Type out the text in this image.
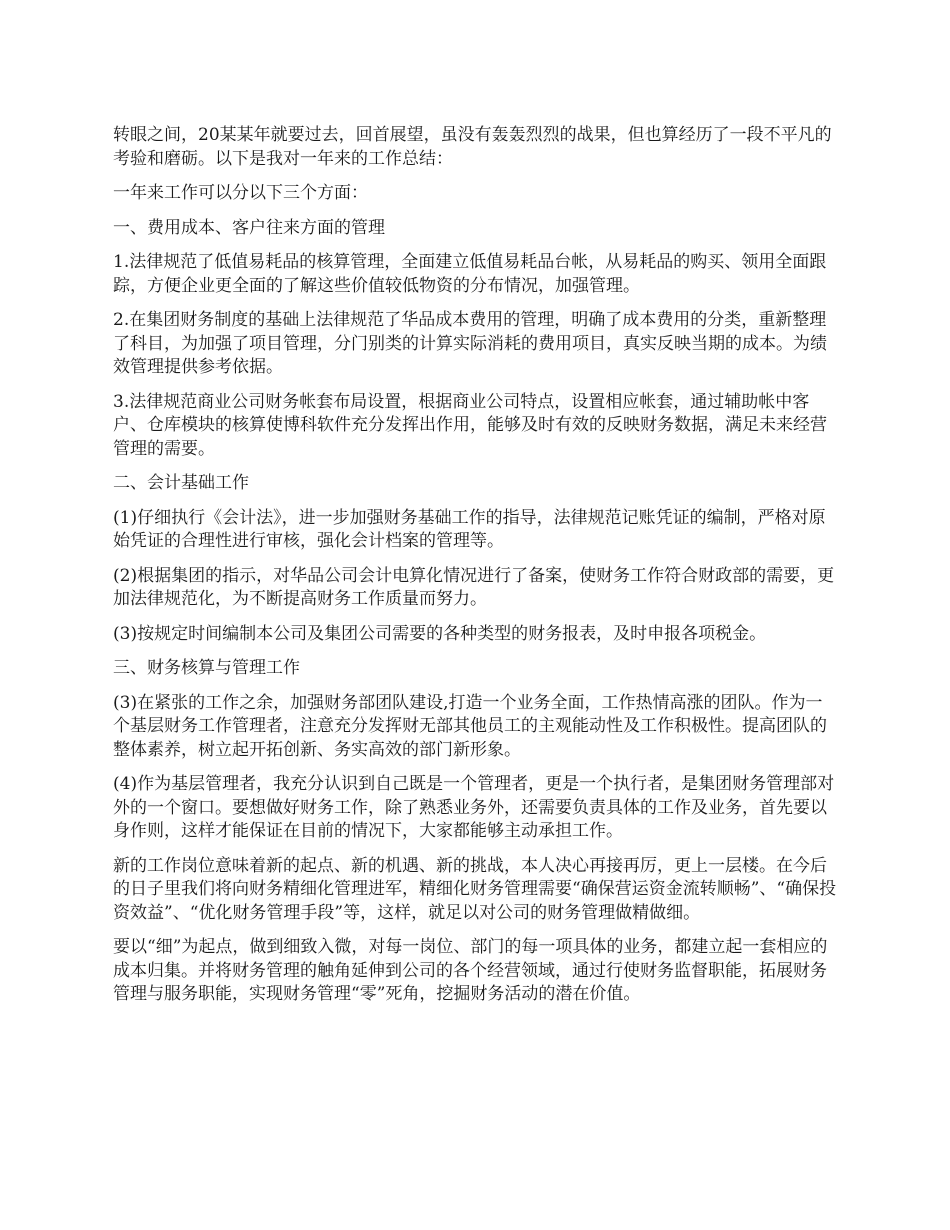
转眼之间，20某某年就要过去，回首展望，虽没有轰轰烈烈的战果，但也算经历了一段不平凡的考验和磨砺。以下是我对一年来的工作总结：

一年来工作可以分以下三个方面：

一、费用成本、客户往来方面的管理

1.法律规范了低值易耗品的核算管理，全面建立低值易耗品台帐，从易耗品的购买、领用全面跟踪，方便企业更全面的了解这些价值较低物资的分布情况，加强管理。

2.在集团财务制度的基础上法律规范了华品成本费用的管理，明确了成本费用的分类，重新整理了科目，为加强了项目管理，分门别类的计算实际消耗的费用项目，真实反映当期的成本。为绩效管理提供参考依据。

3.法律规范商业公司财务帐套布局设置，根据商业公司特点，设置相应帐套，通过辅助帐中客户、仓库模块的核算使博科软件充分发挥出作用，能够及时有效的反映财务数据，满足未来经营管理的需要。

二、会计基础工作

(1)仔细执行《会计法》，进一步加强财务基础工作的指导，法律规范记账凭证的编制，严格对原始凭证的合理性进行审核，强化会计档案的管理等。

(2)根据集团的指示，对华品公司会计电算化情况进行了备案，使财务工作符合财政部的需要，更加法律规范化，为不断提高财务工作质量而努力。

(3)按规定时间编制本公司及集团公司需要的各种类型的财务报表，及时申报各项税金。

三、财务核算与管理工作

(3)在紧张的工作之余，加强财务部团队建设,打造一个业务全面，工作热情高涨的团队。作为一个基层财务工作管理者，注意充分发挥财无部其他员工的主观能动性及工作积极性。提高团队的整体素养，树立起开拓创新、务实高效的部门新形象。

(4)作为基层管理者，我充分认识到自己既是一个管理者，更是一个执行者，是集团财务管理部对外的一个窗口。要想做好财务工作，除了熟悉业务外，还需要负责具体的工作及业务，首先要以身作则，这样才能保证在目前的情况下，大家都能够主动承担工作。

新的工作岗位意味着新的起点、新的机遇、新的挑战，本人决心再接再厉，更上一层楼。在今后的日子里我们将向财务精细化管理进军，精细化财务管理需要“确保营运资金流转顺畅”、“确保投资效益”、“优化财务管理手段”等，这样，就足以对公司的财务管理做精做细。

要以“细”为起点，做到细致入微，对每一岗位、部门的每一项具体的业务，都建立起一套相应的成本归集。并将财务管理的触角延伸到公司的各个经营领域，通过行使财务监督职能，拓展财务管理与服务职能，实现财务管理“零”死角，挖掘财务活动的潜在价值。
